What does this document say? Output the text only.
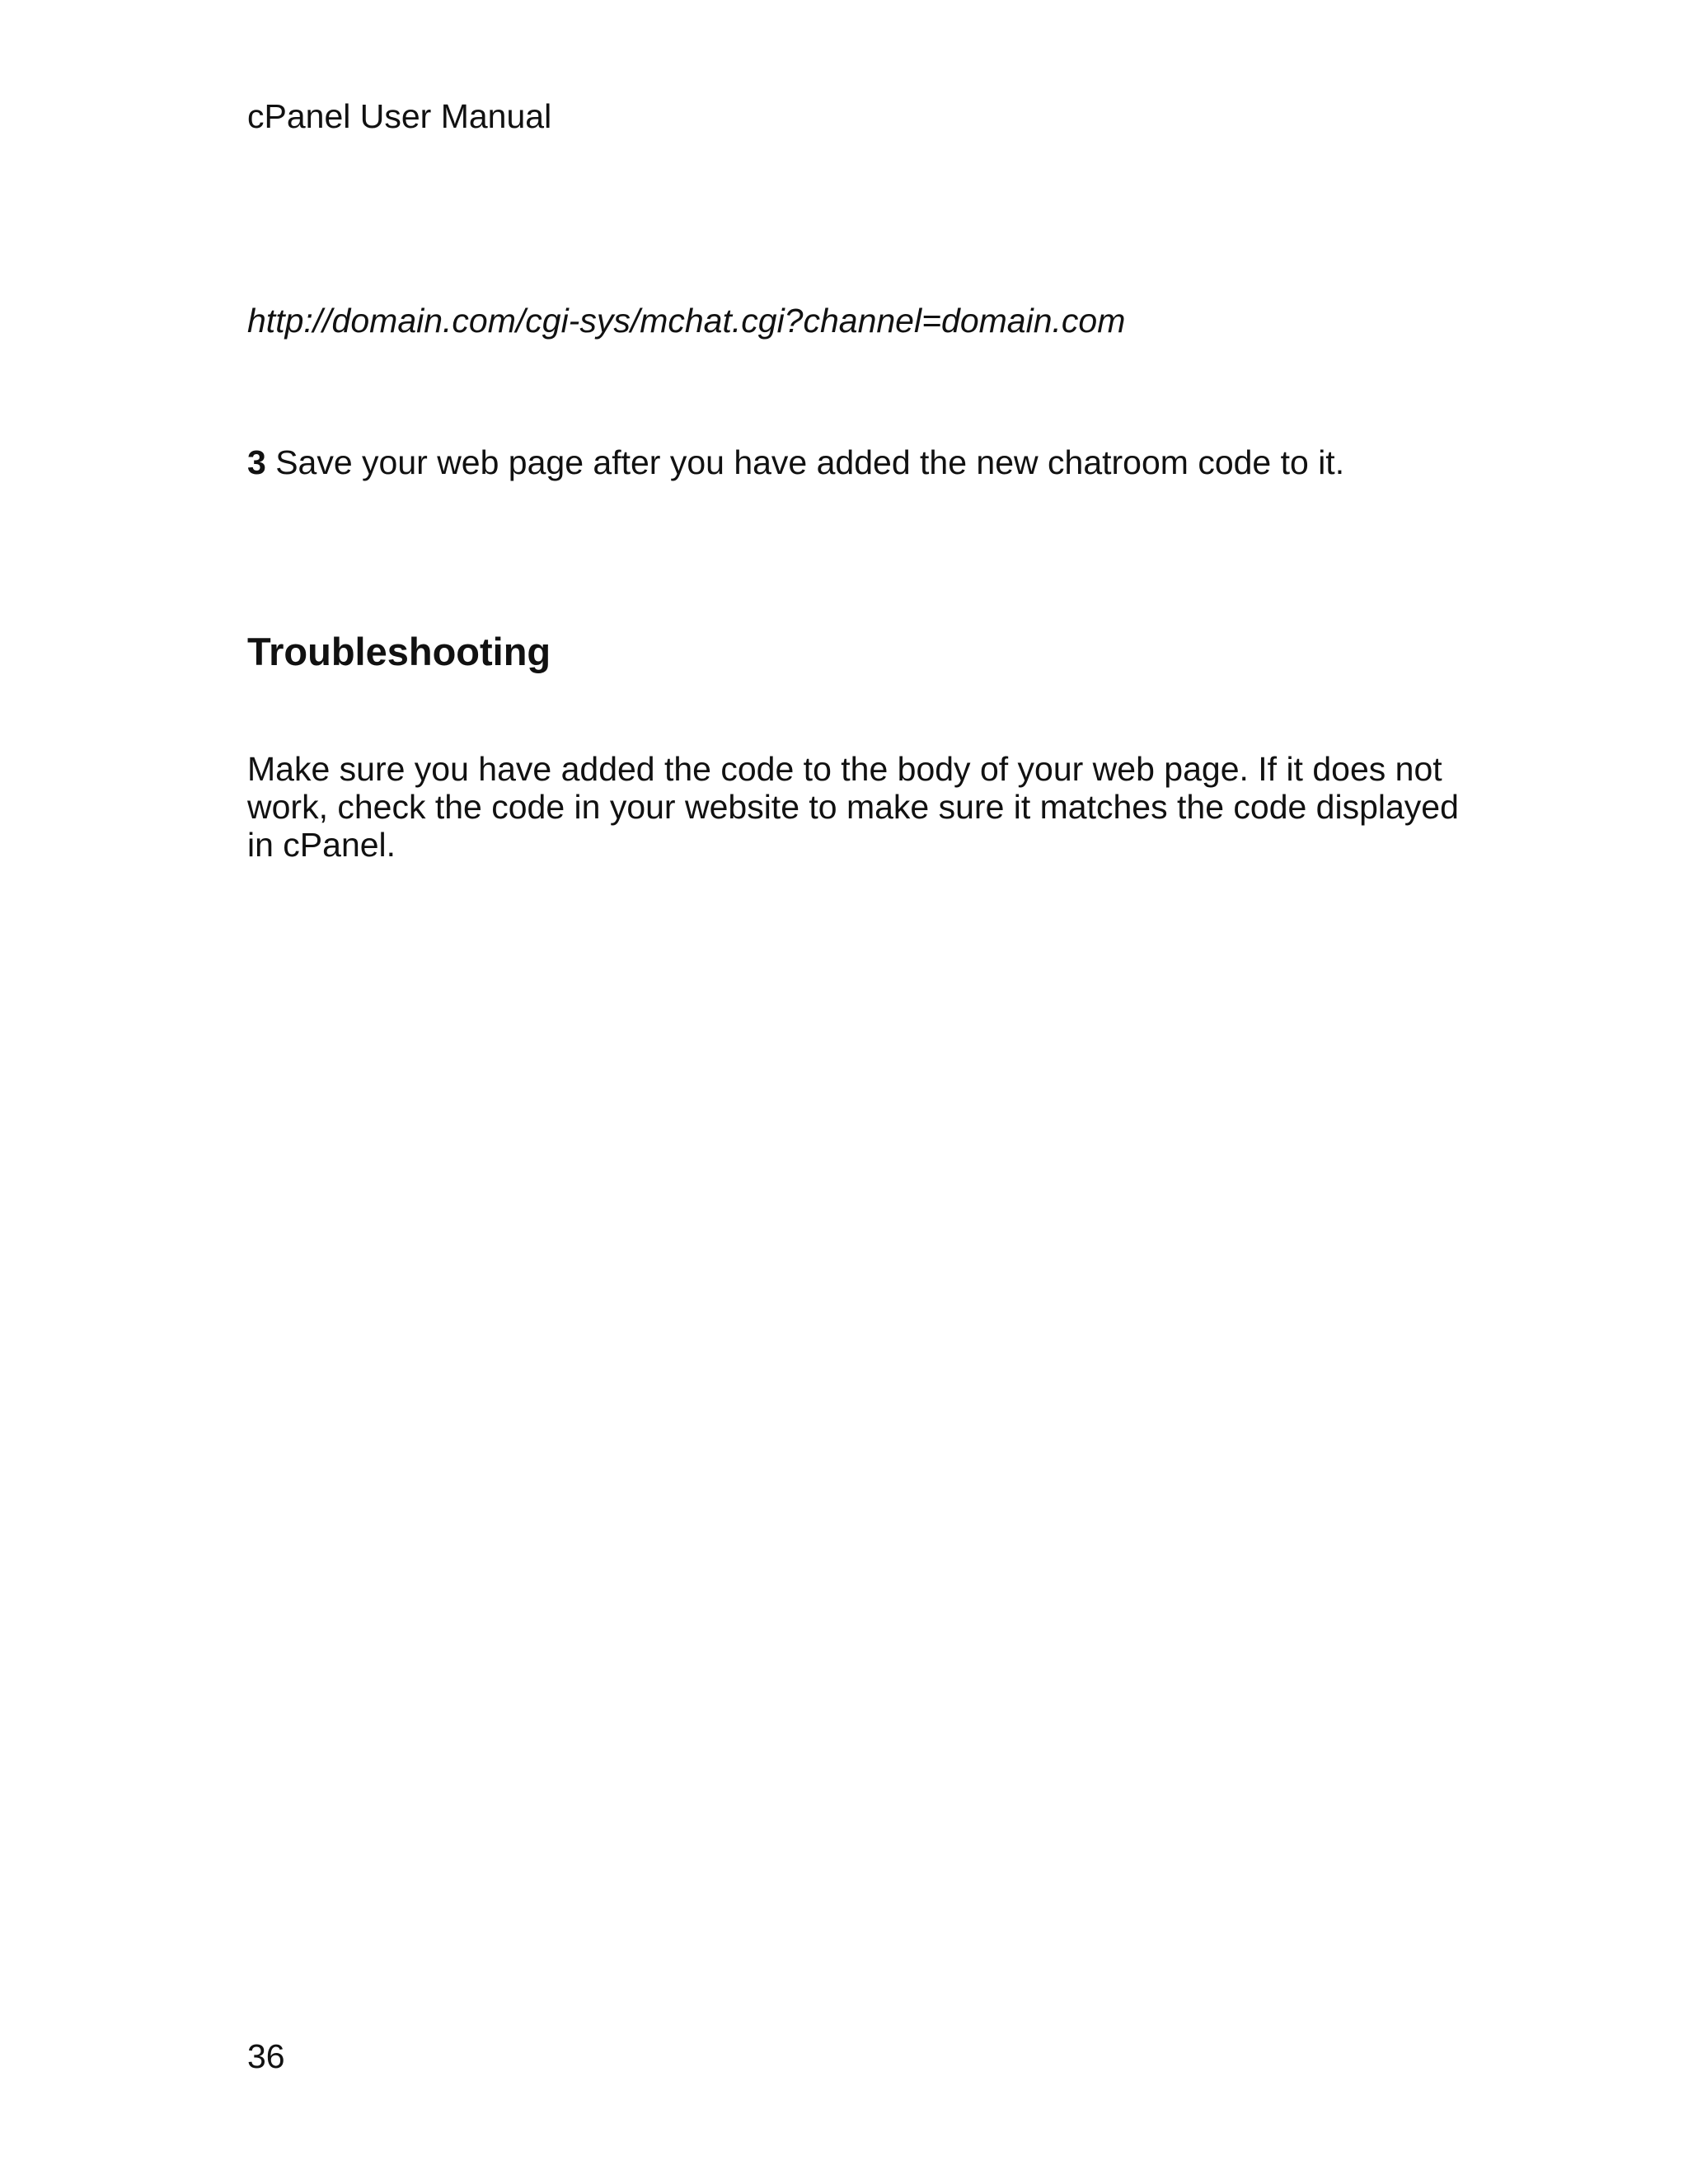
cPanel User Manual
http://domain.com/cgi-sys/mchat.cgi?channel=domain.com
3 Save your web page after you have added the new chatroom code to it.
Troubleshooting

Make sure you have added the code to the body of your web page. If it does not
work, check the code in your website to make sure it matches the code displayed
in cPanel.

36
